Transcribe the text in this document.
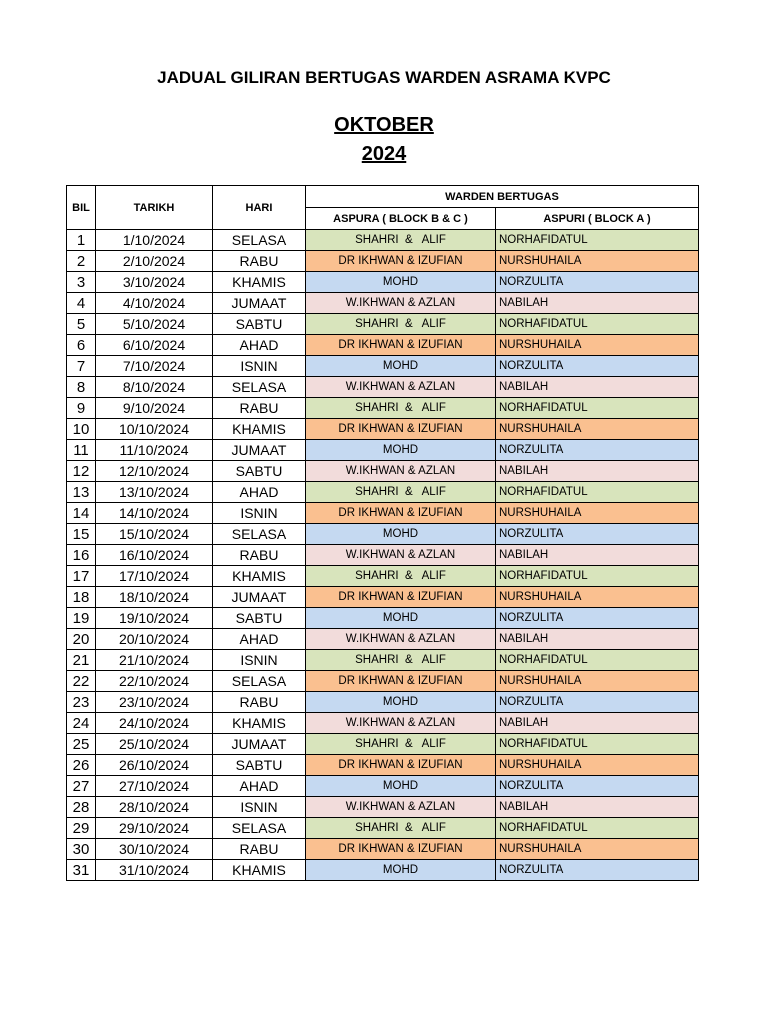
JADUAL GILIRAN BERTUGAS WARDEN ASRAMA KVPC
OKTOBER
2024
BIL	TARIKH	HARI	WARDEN BERTUGAS	
			ASPURA ( BLOCK B & C )	ASPURI ( BLOCK A )
1	1/10/2024	SELASA	SHAHRI  &   ALIF	NORHAFIDATUL
2	2/10/2024	RABU	DR IKHWAN & IZUFIAN	NURSHUHAILA
3	3/10/2024	KHAMIS	MOHD	NORZULITA
4	4/10/2024	JUMAAT	W.IKHWAN & AZLAN	NABILAH
5	5/10/2024	SABTU	SHAHRI  &   ALIF	NORHAFIDATUL
6	6/10/2024	AHAD	DR IKHWAN & IZUFIAN	NURSHUHAILA
7	7/10/2024	ISNIN	MOHD	NORZULITA
8	8/10/2024	SELASA	W.IKHWAN & AZLAN	NABILAH
9	9/10/2024	RABU	SHAHRI  &   ALIF	NORHAFIDATUL
10	10/10/2024	KHAMIS	DR IKHWAN & IZUFIAN	NURSHUHAILA
11	11/10/2024	JUMAAT	MOHD	NORZULITA
12	12/10/2024	SABTU	W.IKHWAN & AZLAN	NABILAH
13	13/10/2024	AHAD	SHAHRI  &   ALIF	NORHAFIDATUL
14	14/10/2024	ISNIN	DR IKHWAN & IZUFIAN	NURSHUHAILA
15	15/10/2024	SELASA	MOHD	NORZULITA
16	16/10/2024	RABU	W.IKHWAN & AZLAN	NABILAH
17	17/10/2024	KHAMIS	SHAHRI  &   ALIF	NORHAFIDATUL
18	18/10/2024	JUMAAT	DR IKHWAN & IZUFIAN	NURSHUHAILA
19	19/10/2024	SABTU	MOHD	NORZULITA
20	20/10/2024	AHAD	W.IKHWAN & AZLAN	NABILAH
21	21/10/2024	ISNIN	SHAHRI  &   ALIF	NORHAFIDATUL
22	22/10/2024	SELASA	DR IKHWAN & IZUFIAN	NURSHUHAILA
23	23/10/2024	RABU	MOHD	NORZULITA
24	24/10/2024	KHAMIS	W.IKHWAN & AZLAN	NABILAH
25	25/10/2024	JUMAAT	SHAHRI  &   ALIF	NORHAFIDATUL
26	26/10/2024	SABTU	DR IKHWAN & IZUFIAN	NURSHUHAILA
27	27/10/2024	AHAD	MOHD	NORZULITA
28	28/10/2024	ISNIN	W.IKHWAN & AZLAN	NABILAH
29	29/10/2024	SELASA	SHAHRI  &   ALIF	NORHAFIDATUL
30	30/10/2024	RABU	DR IKHWAN & IZUFIAN	NURSHUHAILA
31	31/10/2024	KHAMIS	MOHD	NORZULITA
